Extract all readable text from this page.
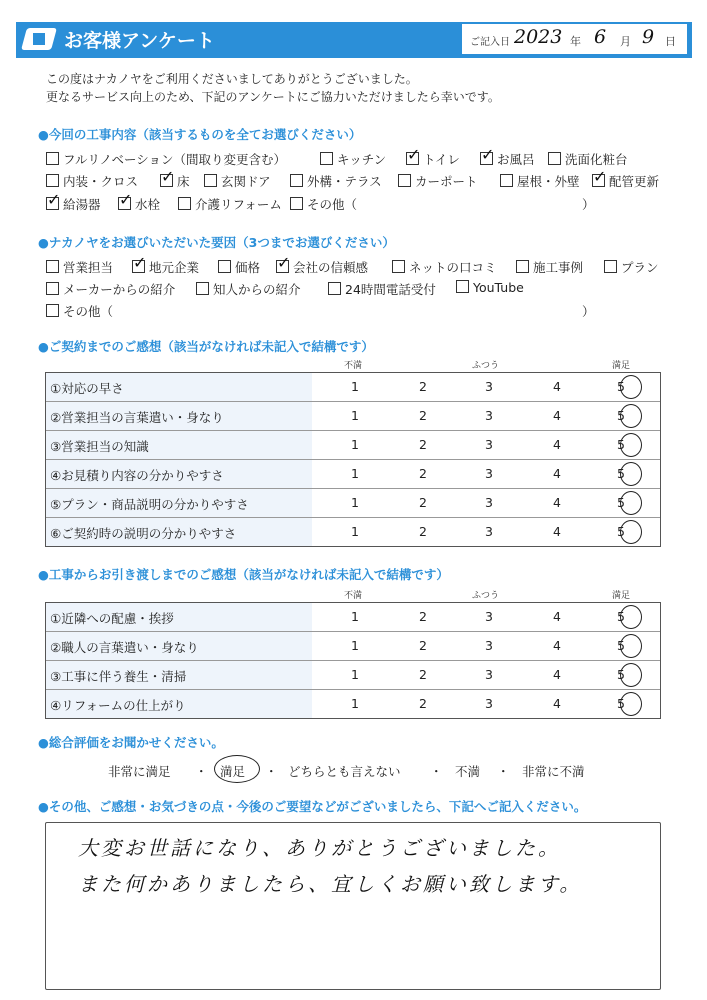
お客様アンケート	ご記入日 2023 年 6 月 9 日
この度はナカノヤをご利用くださいましてありがとうございました。
更なるサービス向上のため、下記のアンケートにご協力いただけましたら幸いです。
●今回の工事内容（該当するものを全てお選びください）
フルリノベーション（間取り変更含む）	キッチン ✓	トイレ ✓	お風呂	洗面化粧台
内装・クロス ✓	床	玄関ドア	外構・テラス	カーポート	屋根・外壁 ✓	配管更新
✓給湯器 ✓	水栓	介護リフォーム	その他（	）
●ナカノヤをお選びいただいた要因（3つまでお選びください）
営業担当 ✓	地元企業	価格 ✓	会社の信頼感	ネットの口コミ	施工事例	プラン
メーカーからの紹介	知人からの紹介	24時間電話受付	YouTube
その他（	）
●ご契約までのご感想（該当がなければ未記入で結構です）
不満	ふつう	満足
①対応の早さ	1	2	3	4	5
②営業担当の言葉遣い・身なり	1	2	3	4	5
③営業担当の知識	1	2	3	4	5
④お見積り内容の分かりやすさ	1	2	3	4	5
⑤プラン・商品説明の分かりやすさ	1	2	3	4	5
⑥ご契約時の説明の分かりやすさ	1	2	3	4	5
●工事からお引き渡しまでのご感想（該当がなければ未記入で結構です）
不満	ふつう	満足
①近隣への配慮・挨拶	1	2	3	4	5
②職人の言葉遣い・身なり	1	2	3	4	5
③工事に伴う養生・清掃	1	2	3	4	5
④リフォームの仕上がり	1	2	3	4	5
●総合評価をお聞かせください。
非常に満足	満足	どちらとも言えない	不満	非常に不満
・	・	・	・
●その他、ご感想・お気づきの点・今後のご要望などがございましたら、下記へご記入ください。
大変お世話になり、ありがとうございました。
また何かありましたら、宜しくお願い致します。
